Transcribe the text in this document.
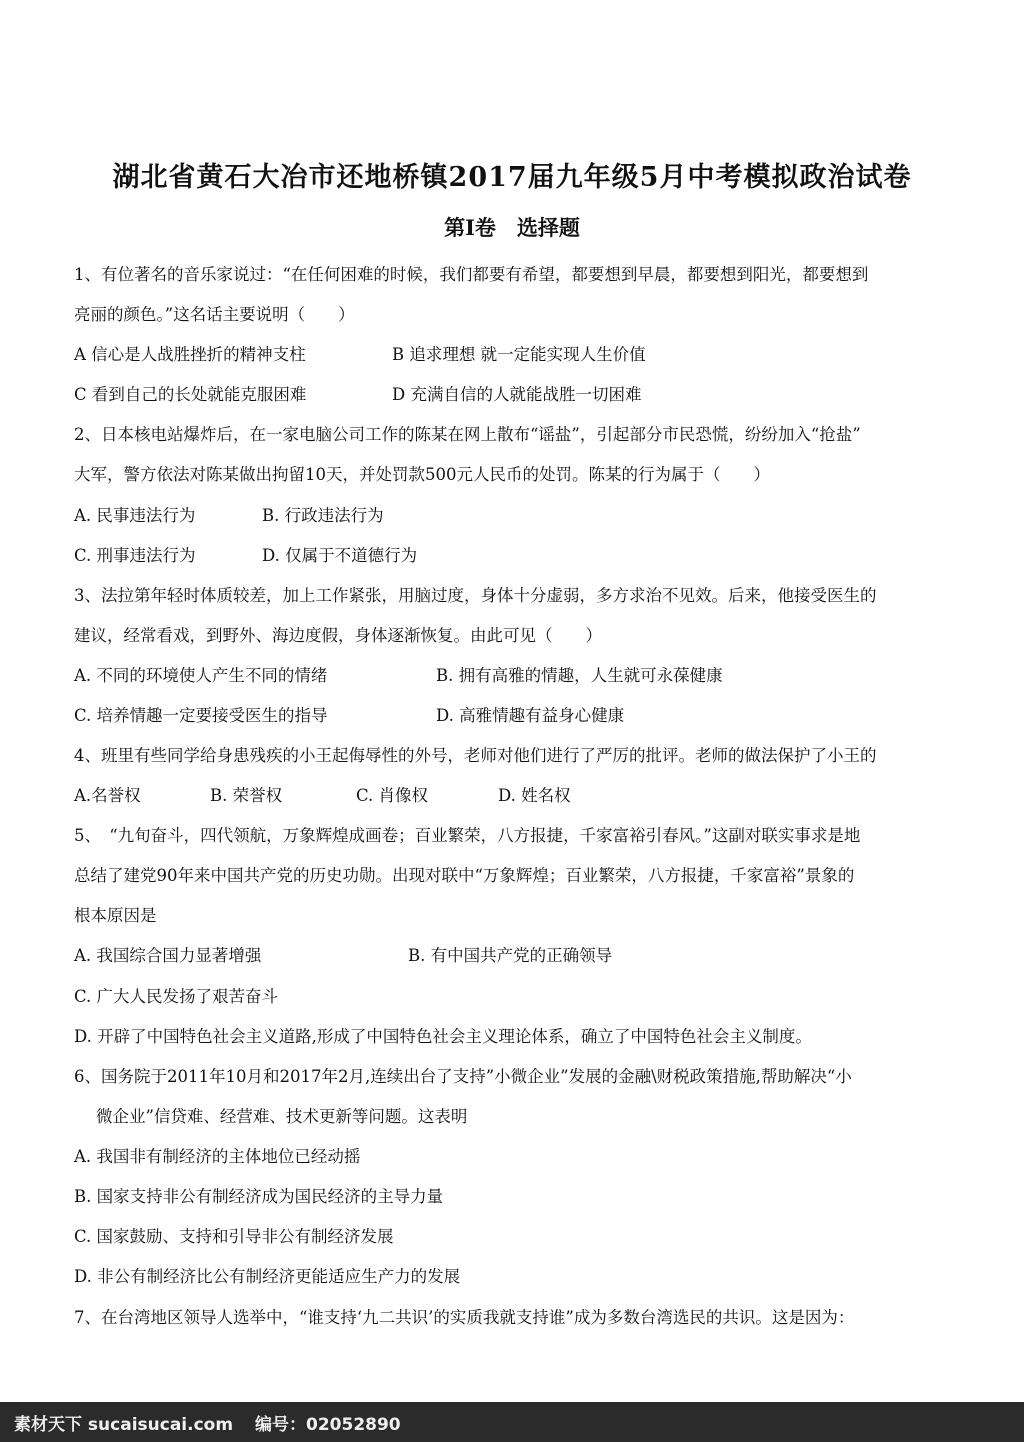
湖北省黄石大冶市还地桥镇2017届九年级5月中考模拟政治试卷
第I卷　选择题
1、有位著名的音乐家说过：“在任何困难的时候，我们都要有希望，都要想到早晨，都要想到阳光，都要想到
亮丽的颜色。”这名话主要说明（　　）
A 信心是人战胜挫折的精神支柱	B 追求理想 就一定能实现人生价值
C 看到自己的长处就能克服困难	D 充满自信的人就能战胜一切困难
2、日本核电站爆炸后，在一家电脑公司工作的陈某在网上散布“谣盐”，引起部分市民恐慌，纷纷加入“抢盐”
大军，警方依法对陈某做出拘留10天，并处罚款500元人民币的处罚。陈某的行为属于（　　）
A. 民事违法行为	B. 行政违法行为
C. 刑事违法行为	D. 仅属于不道德行为
3、法拉第年轻时体质较差，加上工作紧张，用脑过度，身体十分虚弱，多方求治不见效。后来，他接受医生的
建议，经常看戏，到野外、海边度假，身体逐渐恢复。由此可见（　　）
A. 不同的环境使人产生不同的情绪	B. 拥有高雅的情趣，人生就可永葆健康
C. 培养情趣一定要接受医生的指导	D. 高雅情趣有益身心健康
4、班里有些同学给身患残疾的小王起侮辱性的外号，老师对他们进行了严厉的批评。老师的做法保护了小王的
A.名誉权	B. 荣誉权	C. 肖像权	D. 姓名权
5、　“九旬奋斗，四代领航，万象辉煌成画卷；百业繁荣，八方报捷，千家富裕引春风。”这副对联实事求是地
总结了建党90年来中国共产党的历史功勋。出现对联中“万象辉煌；百业繁荣，八方报捷，千家富裕”景象的
根本原因是
A. 我国综合国力显著增强	B. 有中国共产党的正确领导
C. 广大人民发扬了艰苦奋斗
D. 开辟了中国特色社会主义道路,形成了中国特色社会主义理论体系，确立了中国特色社会主义制度。
6、国务院于2011年10月和2017年2月,连续出台了支持”小微企业”发展的金融\财税政策措施,帮助解决“小
微企业”信贷难、经营难、技术更新等问题。这表明
A. 我国非有制经济的主体地位已经动摇
B. 国家支持非公有制经济成为国民经济的主导力量
C. 国家鼓励、支持和引导非公有制经济发展
D. 非公有制经济比公有制经济更能适应生产力的发展
7、在台湾地区领导人选举中，“谁支持‘九二共识’的实质我就支持谁”成为多数台湾选民的共识。这是因为：
素材天下 sucaisucai.com 编号：02052890
